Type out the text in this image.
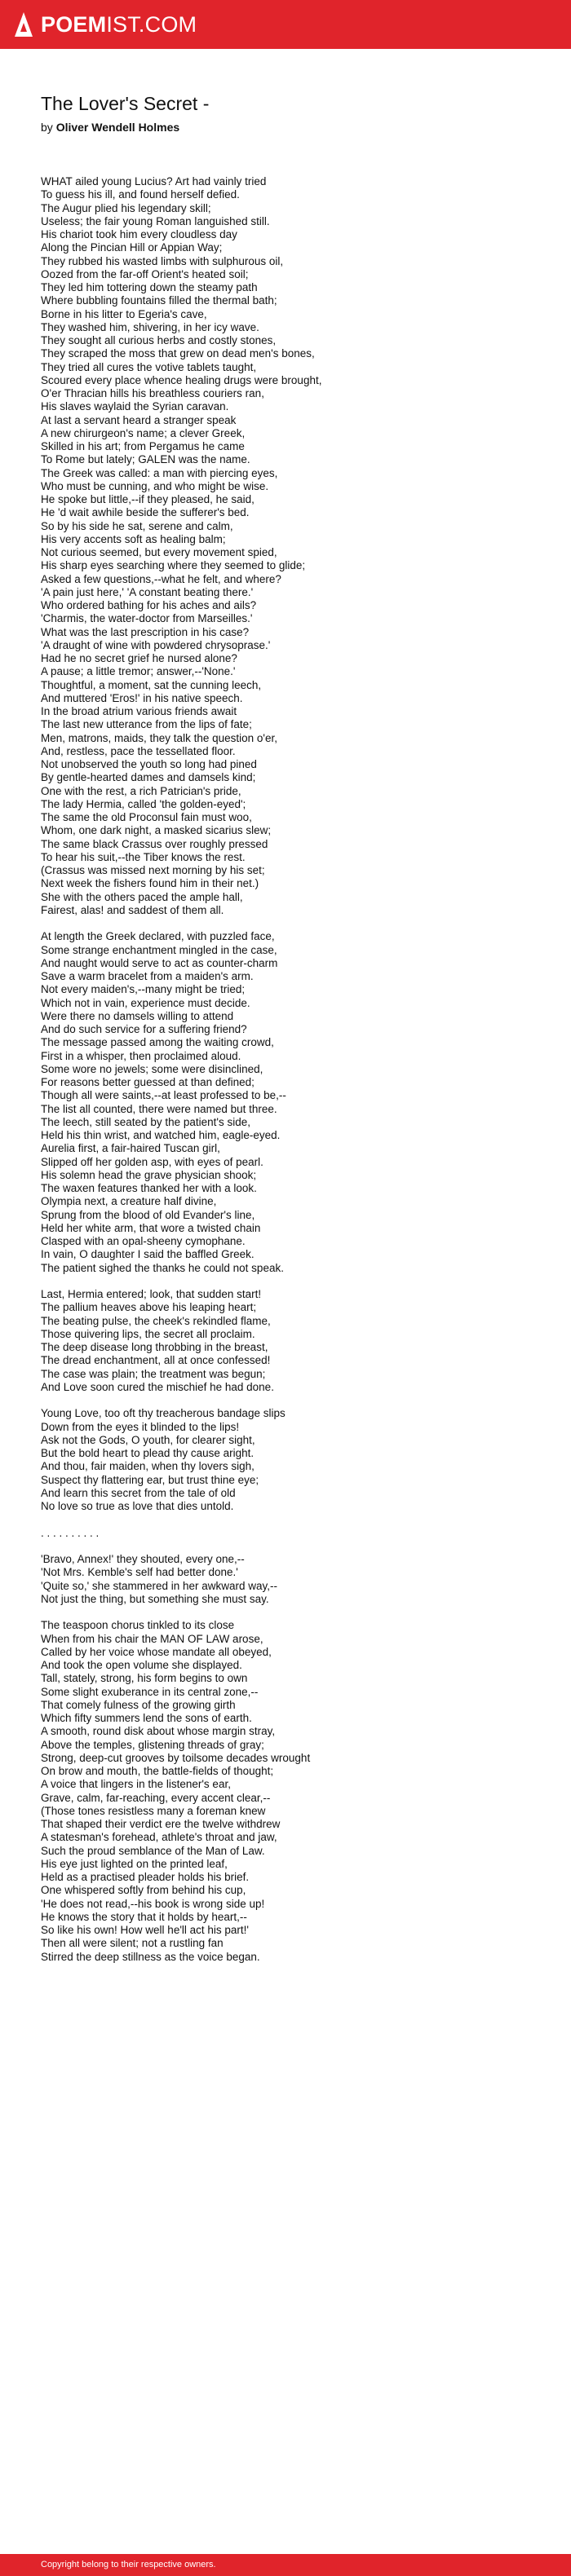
POEMIST.COM
The Lover's Secret -
by Oliver Wendell Holmes
WHAT ailed young Lucius? Art had vainly tried
To guess his ill, and found herself defied.
The Augur plied his legendary skill;
Useless; the fair young Roman languished still.
His chariot took him every cloudless day
Along the Pincian Hill or Appian Way;
They rubbed his wasted limbs with sulphurous oil,
Oozed from the far-off Orient's heated soil;
They led him tottering down the steamy path
Where bubbling fountains filled the thermal bath;
Borne in his litter to Egeria's cave,
They washed him, shivering, in her icy wave.
They sought all curious herbs and costly stones,
They scraped the moss that grew on dead men's bones,
They tried all cures the votive tablets taught,
Scoured every place whence healing drugs were brought,
O'er Thracian hills his breathless couriers ran,
His slaves waylaid the Syrian caravan.
At last a servant heard a stranger speak
A new chirurgeon's name; a clever Greek,
Skilled in his art; from Pergamus he came
To Rome but lately; GALEN was the name.
The Greek was called: a man with piercing eyes,
Who must be cunning, and who might be wise.
He spoke but little,--if they pleased, he said,
He 'd wait awhile beside the sufferer's bed.
So by his side he sat, serene and calm,
His very accents soft as healing balm;
Not curious seemed, but every movement spied,
His sharp eyes searching where they seemed to glide;
Asked a few questions,--what he felt, and where?
'A pain just here,' 'A constant beating there.'
Who ordered bathing for his aches and ails?
'Charmis, the water-doctor from Marseilles.'
What was the last prescription in his case?
'A draught of wine with powdered chrysoprase.'
Had he no secret grief he nursed alone?
A pause; a little tremor; answer,--'None.'
Thoughtful, a moment, sat the cunning leech,
And muttered 'Eros!' in his native speech.
In the broad atrium various friends await
The last new utterance from the lips of fate;
Men, matrons, maids, they talk the question o'er,
And, restless, pace the tessellated floor.
Not unobserved the youth so long had pined
By gentle-hearted dames and damsels kind;
One with the rest, a rich Patrician's pride,
The lady Hermia, called 'the golden-eyed';
The same the old Proconsul fain must woo,
Whom, one dark night, a masked sicarius slew;
The same black Crassus over roughly pressed
To hear his suit,--the Tiber knows the rest.
(Crassus was missed next morning by his set;
Next week the fishers found him in their net.)
She with the others paced the ample hall,
Fairest, alas! and saddest of them all.
At length the Greek declared, with puzzled face,
Some strange enchantment mingled in the case,
And naught would serve to act as counter-charm
Save a warm bracelet from a maiden's arm.
Not every maiden's,--many might be tried;
Which not in vain, experience must decide.
Were there no damsels willing to attend
And do such service for a suffering friend?
The message passed among the waiting crowd,
First in a whisper, then proclaimed aloud.
Some wore no jewels; some were disinclined,
For reasons better guessed at than defined;
Though all were saints,--at least professed to be,--
The list all counted, there were named but three.
The leech, still seated by the patient's side,
Held his thin wrist, and watched him, eagle-eyed.
Aurelia first, a fair-haired Tuscan girl,
Slipped off her golden asp, with eyes of pearl.
His solemn head the grave physician shook;
The waxen features thanked her with a look.
Olympia next, a creature half divine,
Sprung from the blood of old Evander's line,
Held her white arm, that wore a twisted chain
Clasped with an opal-sheeny cymophane.
In vain, O daughter I said the baffled Greek.
The patient sighed the thanks he could not speak.
Last, Hermia entered; look, that sudden start!
The pallium heaves above his leaping heart;
The beating pulse, the cheek's rekindled flame,
Those quivering lips, the secret all proclaim.
The deep disease long throbbing in the breast,
The dread enchantment, all at once confessed!
The case was plain; the treatment was begun;
And Love soon cured the mischief he had done.
Young Love, too oft thy treacherous bandage slips
Down from the eyes it blinded to the lips!
Ask not the Gods, O youth, for clearer sight,
But the bold heart to plead thy cause aright.
And thou, fair maiden, when thy lovers sigh,
Suspect thy flattering ear, but trust thine eye;
And learn this secret from the tale of old
No love so true as love that dies untold.
. . . . . . . . . .
'Bravo, Annex!' they shouted, every one,--
'Not Mrs. Kemble's self had better done.'
'Quite so,' she stammered in her awkward way,--
Not just the thing, but something she must say.
The teaspoon chorus tinkled to its close
When from his chair the MAN OF LAW arose,
Called by her voice whose mandate all obeyed,
And took the open volume she displayed.
Tall, stately, strong, his form begins to own
Some slight exuberance in its central zone,--
That comely fulness of the growing girth
Which fifty summers lend the sons of earth.
A smooth, round disk about whose margin stray,
Above the temples, glistening threads of gray;
Strong, deep-cut grooves by toilsome decades wrought
On brow and mouth, the battle-fields of thought;
A voice that lingers in the listener's ear,
Grave, calm, far-reaching, every accent clear,--
(Those tones resistless many a foreman knew
That shaped their verdict ere the twelve withdrew
A statesman's forehead, athlete's throat and jaw,
Such the proud semblance of the Man of Law.
His eye just lighted on the printed leaf,
Held as a practised pleader holds his brief.
One whispered softly from behind his cup,
'He does not read,--his book is wrong side up!
He knows the story that it holds by heart,--
So like his own! How well he'll act his part!'
Then all were silent; not a rustling fan
Stirred the deep stillness as the voice began.
Copyright belong to their respective owners.
